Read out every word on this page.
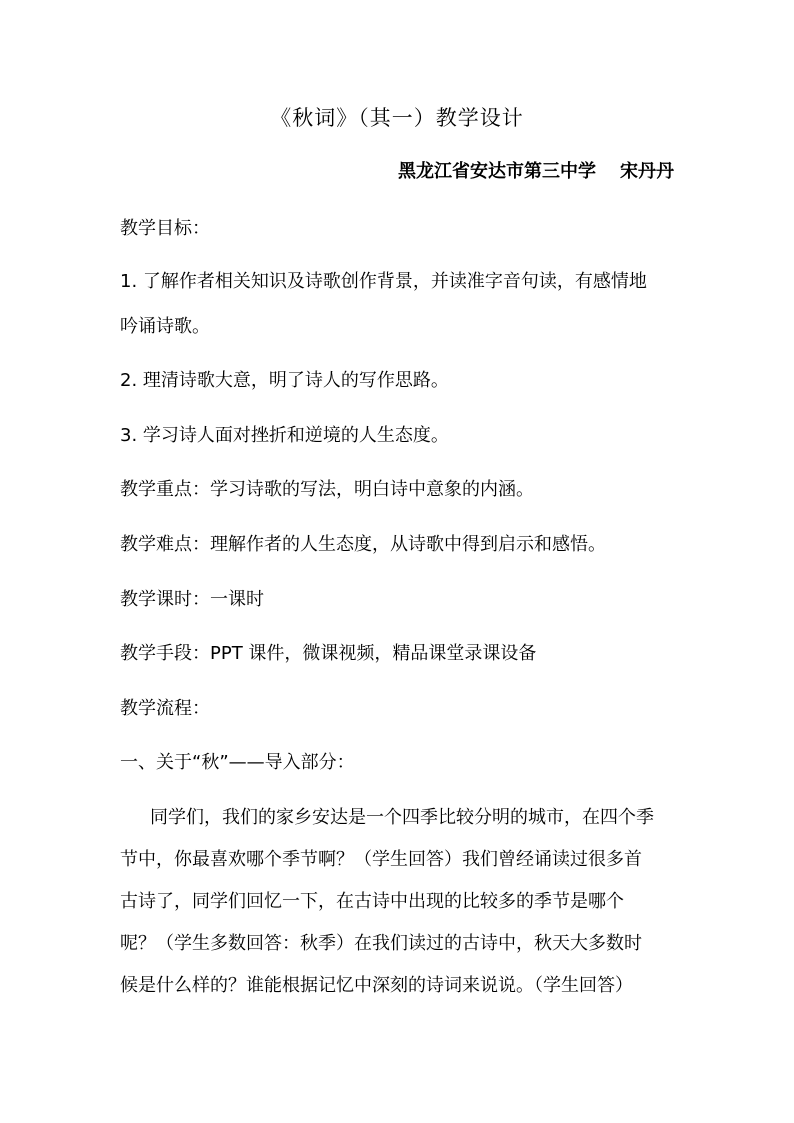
《秋词》（其一）教学设计
黑龙江省安达市第三中学 宋丹丹
教学目标：
1. 了解作者相关知识及诗歌创作背景，并读准字音句读，有感情地
吟诵诗歌。
2. 理清诗歌大意，明了诗人的写作思路。
3. 学习诗人面对挫折和逆境的人生态度。
教学重点：学习诗歌的写法，明白诗中意象的内涵。
教学难点：理解作者的人生态度，从诗歌中得到启示和感悟。
教学课时：一课时
教学手段：PPT 课件，微课视频，精品课堂录课设备
教学流程：
一、关于“秋”——导入部分：
同学们，我们的家乡安达是一个四季比较分明的城市，在四个季
节中，你最喜欢哪个季节啊？（学生回答）我们曾经诵读过很多首
古诗了，同学们回忆一下，在古诗中出现的比较多的季节是哪个
呢？（学生多数回答：秋季）在我们读过的古诗中，秋天大多数时
候是什么样的？谁能根据记忆中深刻的诗词来说说。（学生回答）
